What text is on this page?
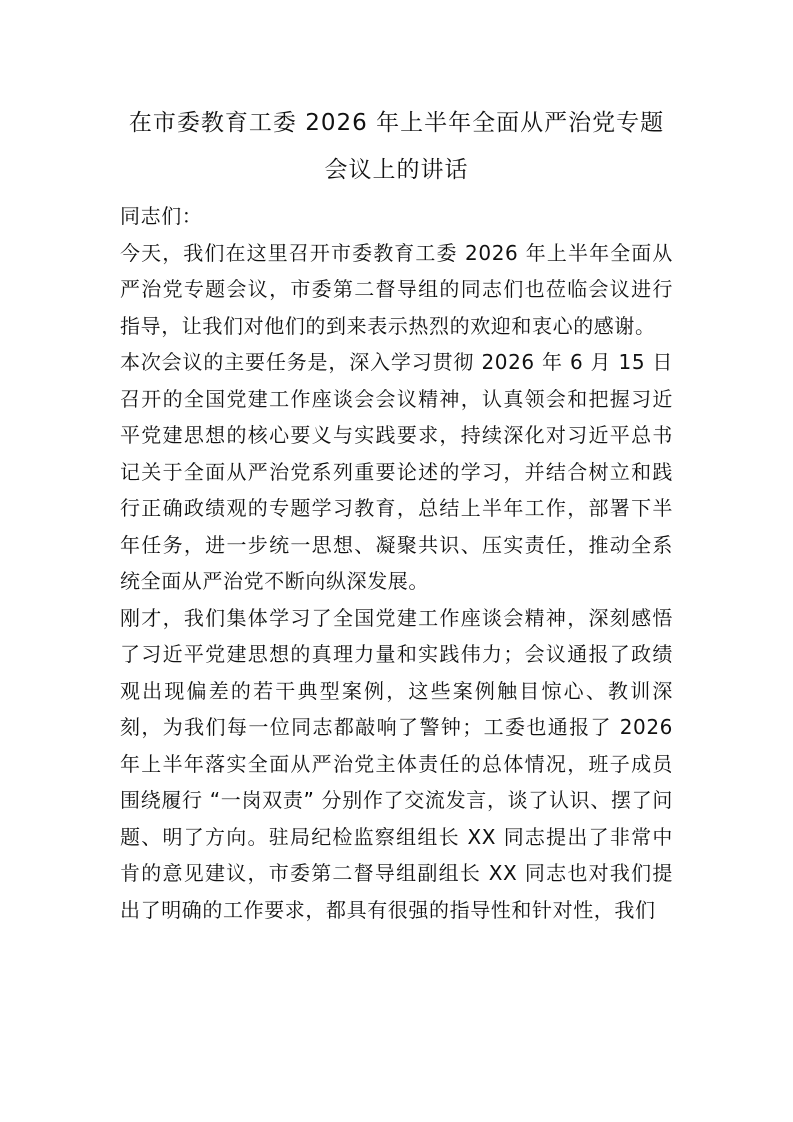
在市委教育工委 2026 年上半年全面从严治党专题
会议上的讲话

同志们：

今天，我们在这里召开市委教育工委 2026 年上半年全面从严治党专题会议，市委第二督导组的同志们也莅临会议进行指导，让我们对他们的到来表示热烈的欢迎和衷心的感谢。

本次会议的主要任务是，深入学习贯彻 2026 年 6 月 15 日召开的全国党建工作座谈会会议精神，认真领会和把握习近平党建思想的核心要义与实践要求，持续深化对习近平总书记关于全面从严治党系列重要论述的学习，并结合树立和践行正确政绩观的专题学习教育，总结上半年工作，部署下半年任务，进一步统一思想、凝聚共识、压实责任，推动全系统全面从严治党不断向纵深发展。

刚才，我们集体学习了全国党建工作座谈会精神，深刻感悟了习近平党建思想的真理力量和实践伟力；会议通报了政绩观出现偏差的若干典型案例，这些案例触目惊心、教训深刻，为我们每一位同志都敲响了警钟；工委也通报了 2026 年上半年落实全面从严治党主体责任的总体情况，班子成员围绕履行 “一岗双责” 分别作了交流发言，谈了认识、摆了问题、明了方向。驻局纪检监察组组长 XX 同志提出了非常中肯的意见建议，市委第二督导组副组长 XX 同志也对我们提出了明确的工作要求，都具有很强的指导性和针对性，我们
